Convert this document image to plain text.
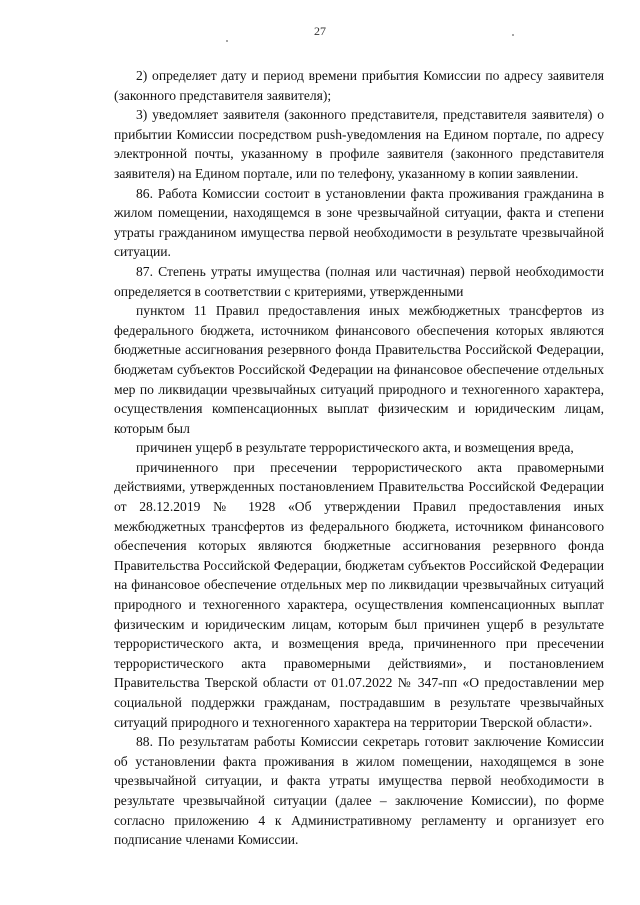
27

2) определяет дату и период времени прибытия Комиссии по адресу заявителя (законного представителя заявителя);

3) уведомляет заявителя (законного представителя, представителя заявителя) о прибытии Комиссии посредством push-уведомления на Едином портале, по адресу электронной почты, указанному в профиле заявителя (законного представителя заявителя) на Едином портале, или по телефону, указанному в копии заявлении.

86. Работа Комиссии состоит в установлении факта проживания гражданина в жилом помещении, находящемся в зоне чрезвычайной ситуации, факта и степени утраты гражданином имущества первой необходимости в результате чрезвычайной ситуации.

87. Степень утраты имущества (полная или частичная) первой необходимости определяется в соответствии с критериями, утвержденными

пунктом 11 Правил предоставления иных межбюджетных трансфертов из федерального бюджета, источником финансового обеспечения которых являются бюджетные ассигнования резервного фонда Правительства Российской Федерации, бюджетам субъектов Российской Федерации на финансовое обеспечение отдельных мер по ликвидации чрезвычайных ситуаций природного и техногенного характера, осуществления компенсационных выплат физическим и юридическим лицам, которым был

причинен ущерб в результате террористического акта, и возмещения вреда,

причиненного при пресечении террористического акта правомерными действиями, утвержденных постановлением Правительства Российской Федерации от 28.12.2019 № 1928 «Об утверждении Правил предоставления иных межбюджетных трансфертов из федерального бюджета, источником финансового обеспечения которых являются бюджетные ассигнования резервного фонда Правительства Российской Федерации, бюджетам субъектов Российской Федерации на финансовое обеспечение отдельных мер по ликвидации чрезвычайных ситуаций природного и техногенного характера, осуществления компенсационных выплат физическим и юридическим лицам, которым был причинен ущерб в результате террористического акта, и возмещения вреда, причиненного при пресечении террористического акта правомерными действиями», и постановлением Правительства Тверской области от 01.07.2022 № 347-пп «О предоставлении мер социальной поддержки гражданам, пострадавшим в результате чрезвычайных ситуаций природного и техногенного характера на территории Тверской области».

88. По результатам работы Комиссии секретарь готовит заключение Комиссии об установлении факта проживания в жилом помещении, находящемся в зоне чрезвычайной ситуации, и факта утраты имущества первой необходимости в результате чрезвычайной ситуации (далее – заключение Комиссии), по форме согласно приложению 4 к Административному регламенту и организует его подписание членами Комиссии.
